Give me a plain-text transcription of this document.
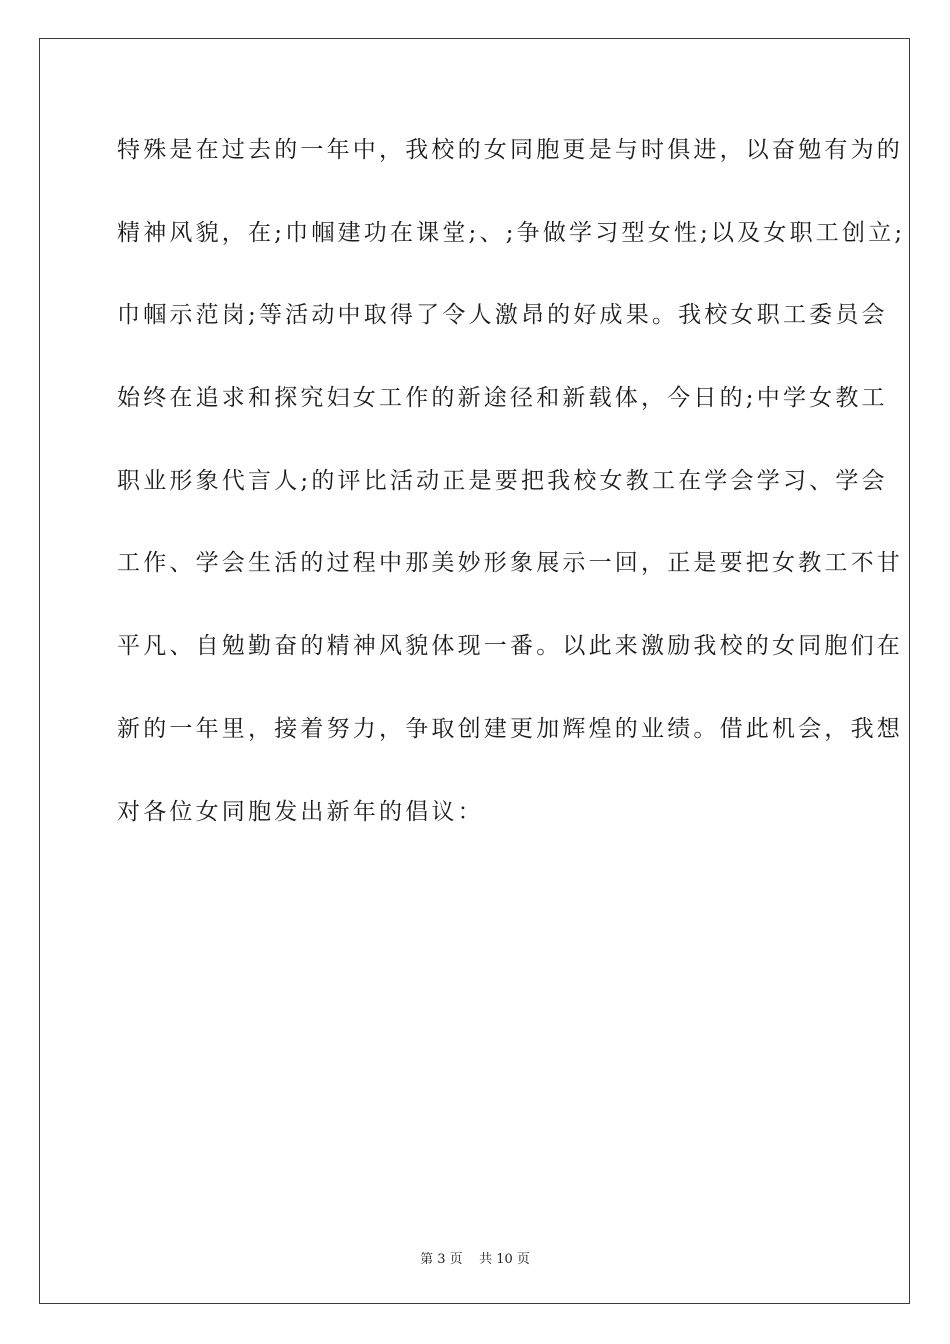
特殊是在过去的一年中，我校的女同胞更是与时俱进，以奋勉有为的
精神风貌，在;巾帼建功在课堂;、;争做学习型女性;以及女职工创立;
巾帼示范岗;等活动中取得了令人激昂的好成果。我校女职工委员会
始终在追求和探究妇女工作的新途径和新载体，今日的;中学女教工
职业形象代言人;的评比活动正是要把我校女教工在学会学习、学会
工作、学会生活的过程中那美妙形象展示一回，正是要把女教工不甘
平凡、自勉勤奋的精神风貌体现一番。以此来激励我校的女同胞们在
新的一年里，接着努力，争取创建更加辉煌的业绩。借此机会，我想
对各位女同胞发出新年的倡议：
第 3 页    共 10 页
